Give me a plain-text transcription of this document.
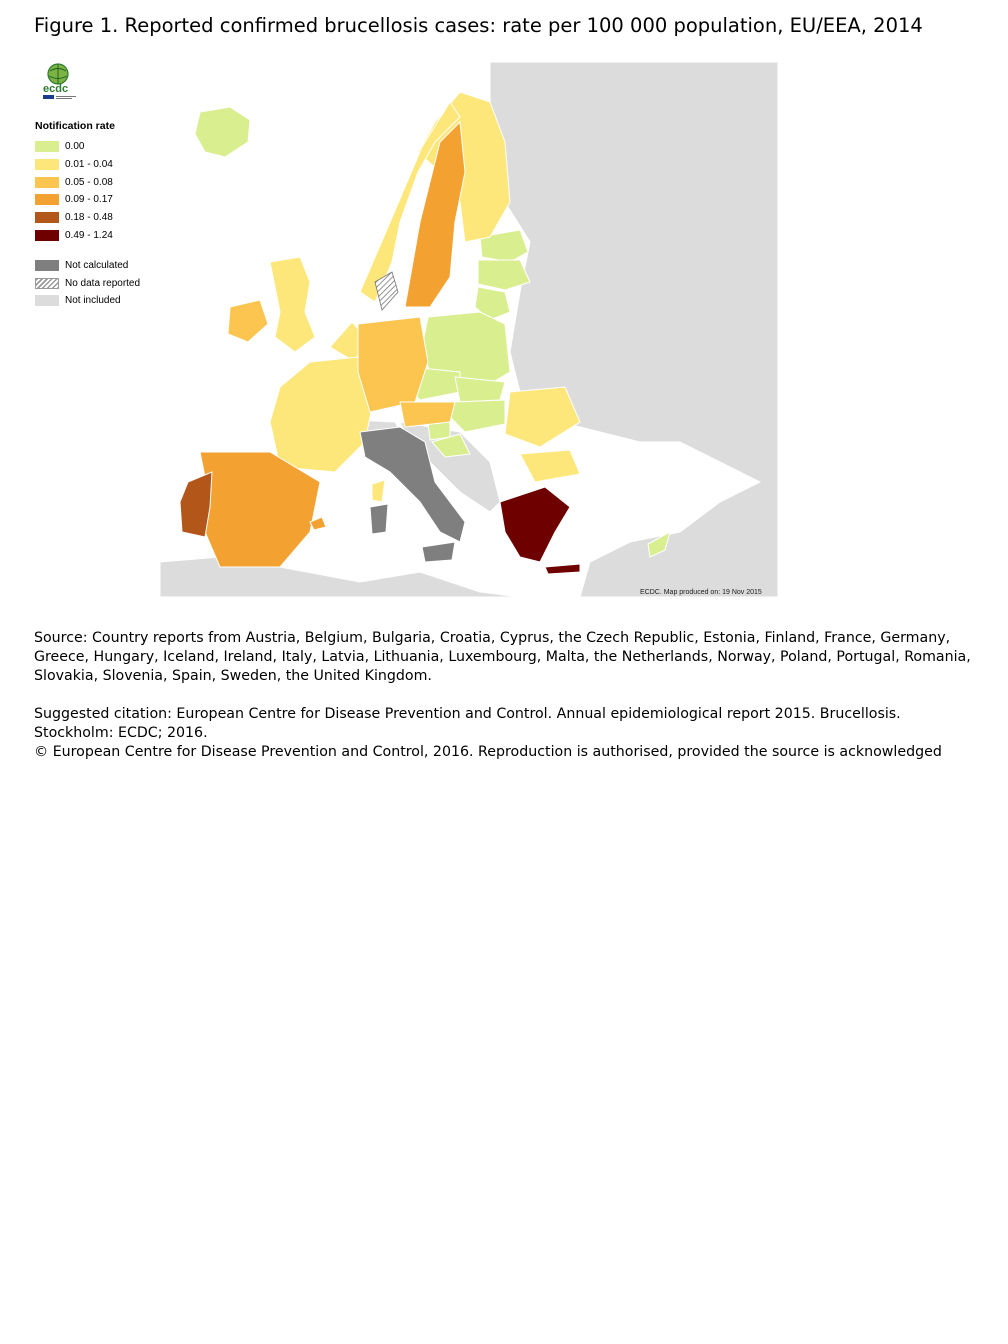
Figure 1. Reported confirmed brucellosis cases: rate per 100 000 population, EU/EEA, 2014
ecdc
Notification rate
0.00
0.01 - 0.04
0.05 - 0.08
0.09 - 0.17
0.18 - 0.48
0.49 - 1.24
Not calculated
No data reported
Not included
ECDC. Map produced on: 19 Nov 2015

Source: Country reports from Austria, Belgium, Bulgaria, Croatia, Cyprus, the Czech Republic, Estonia, Finland, France, Germany, Greece, Hungary, Iceland, Ireland, Italy, Latvia, Lithuania, Luxembourg, Malta, the Netherlands, Norway, Poland, Portugal, Romania, Slovakia, Slovenia, Spain, Sweden, the United Kingdom.

Suggested citation: European Centre for Disease Prevention and Control. Annual epidemiological report 2015. Brucellosis.

Stockholm: ECDC; 2016.

© European Centre for Disease Prevention and Control, 2016. Reproduction is authorised, provided the source is acknowledged
